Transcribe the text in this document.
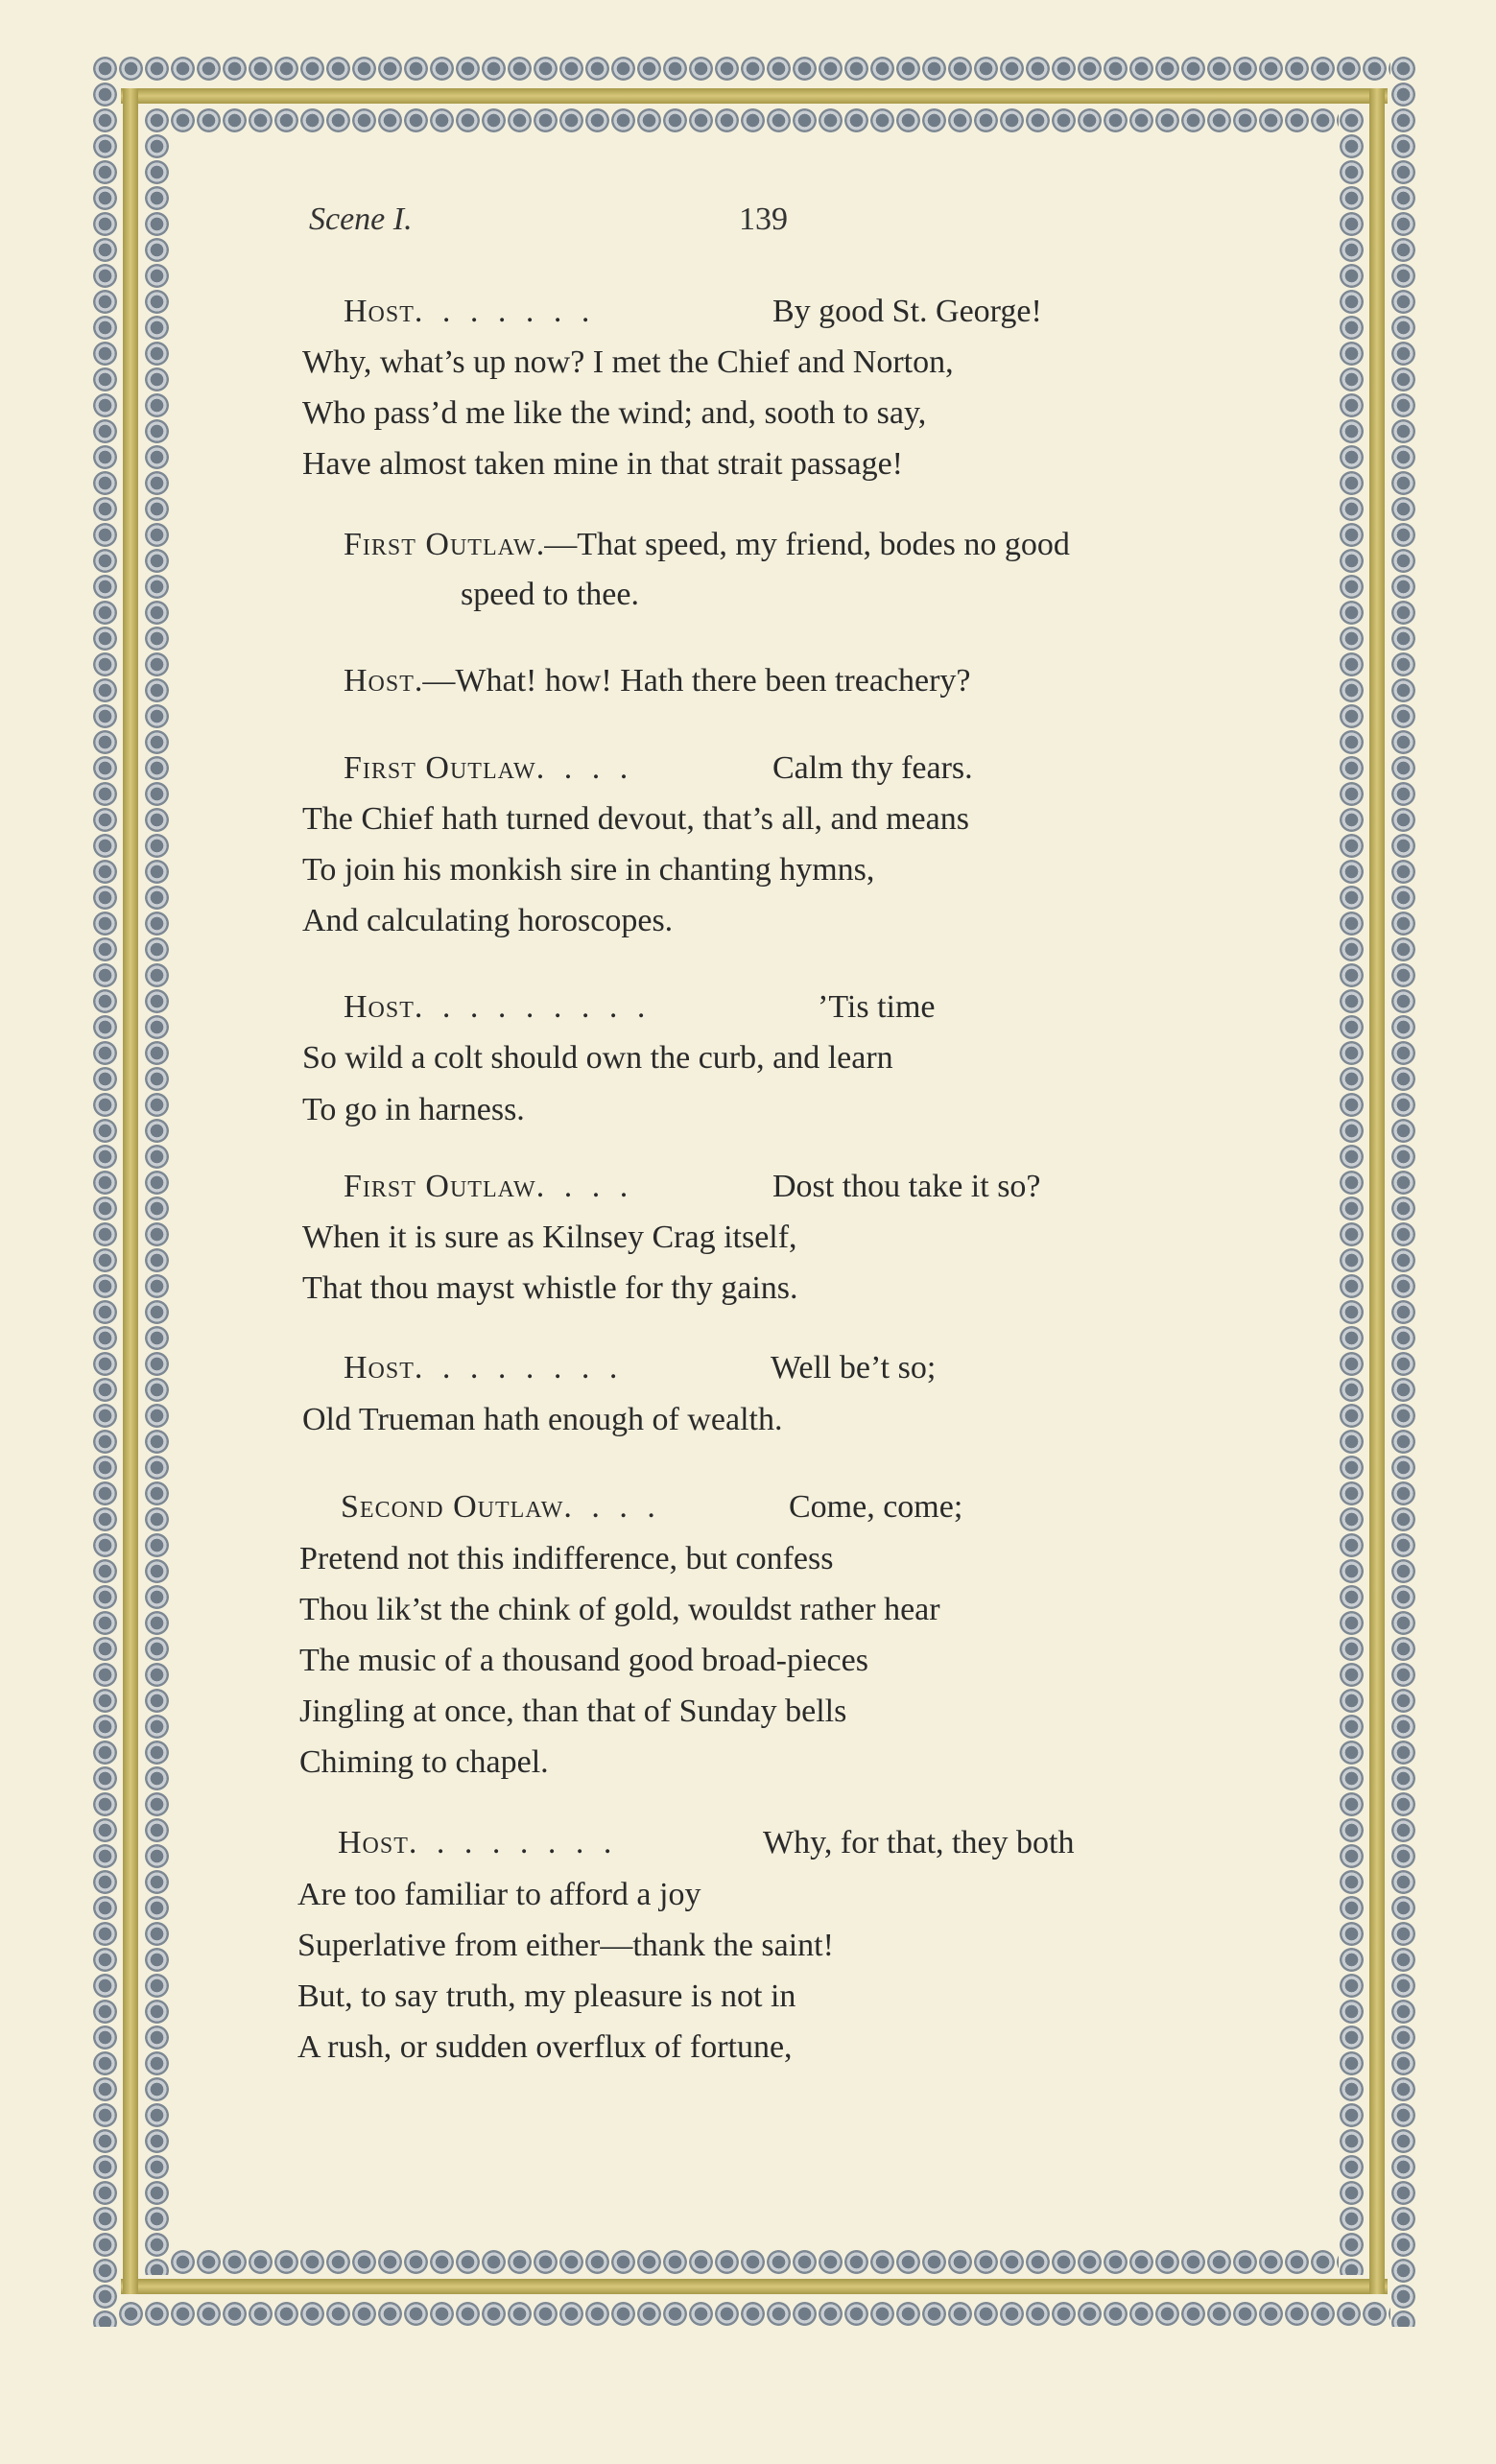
Scene I.	139
Host. . . . . . .	By good St. George!
Why, what’s up now? I met the Chief and Norton,
Who pass’d me like the wind; and, sooth to say,
Have almost taken mine in that strait passage!
First Outlaw.—That speed, my friend, bodes no good
speed to thee.
Host.—What! how! Hath there been treachery?
First Outlaw. . . .	Calm thy fears.
The Chief hath turned devout, that’s all, and means
To join his monkish sire in chanting hymns,
And calculating horoscopes.
Host. . . . . . . . .	’Tis time
So wild a colt should own the curb, and learn
To go in harness.
First Outlaw. . . .	Dost thou take it so?
When it is sure as Kilnsey Crag itself,
That thou mayst whistle for thy gains.
Host. . . . . . . .	Well be’t so;
Old Trueman hath enough of wealth.
Second Outlaw. . . .	Come, come;
Pretend not this indifference, but confess
Thou lik’st the chink of gold, wouldst rather hear
The music of a thousand good broad-pieces
Jingling at once, than that of Sunday bells
Chiming to chapel.
Host. . . . . . . .	Why, for that, they both
Are too familiar to afford a joy
Superlative from either—thank the saint!
But, to say truth, my pleasure is not in
A rush, or sudden overflux of fortune,
